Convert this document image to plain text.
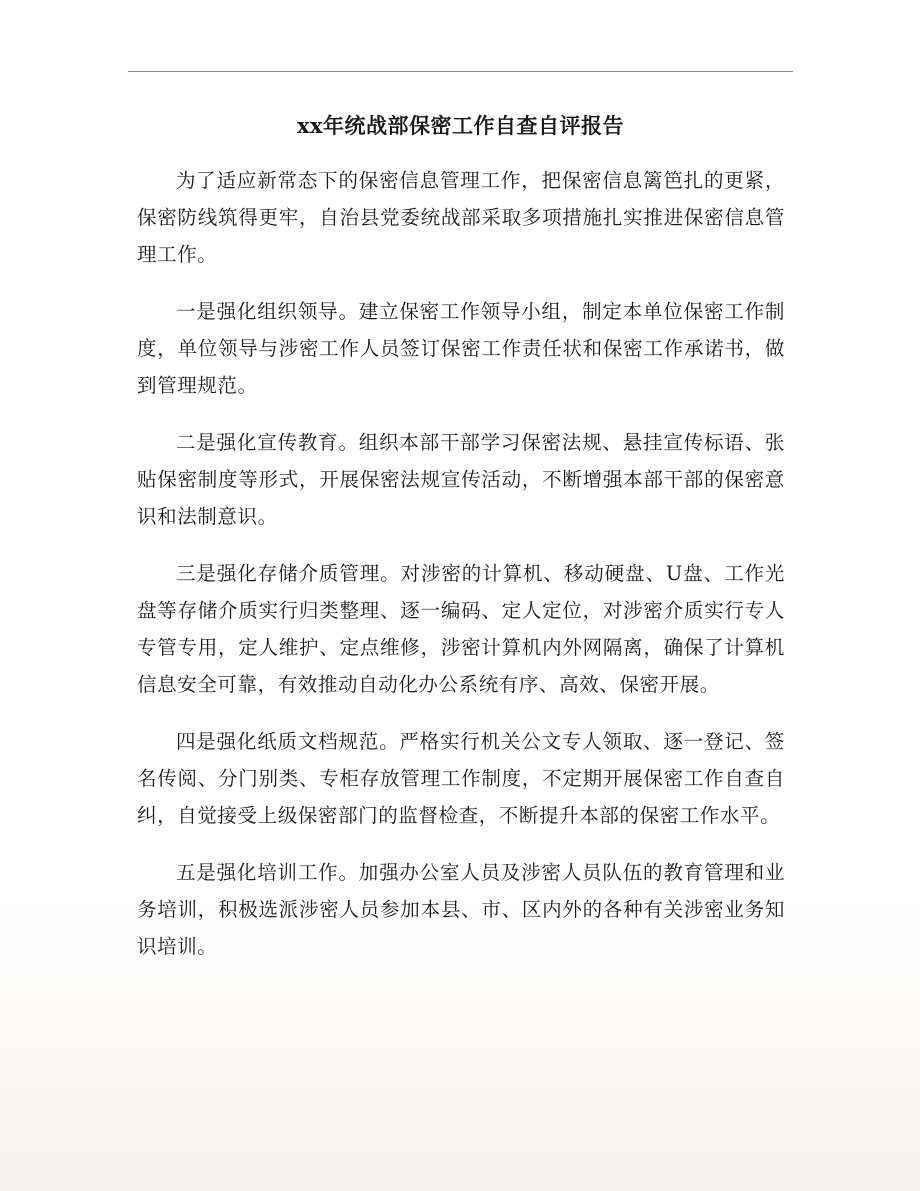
xx年统战部保密工作自查自评报告

为了适应新常态下的保密信息管理工作，把保密信息篱笆扎的更紧，保密防线筑得更牢，自治县党委统战部采取多项措施扎实推进保密信息管理工作。

一是强化组织领导。建立保密工作领导小组，制定本单位保密工作制度，单位领导与涉密工作人员签订保密工作责任状和保密工作承诺书，做到管理规范。

二是强化宣传教育。组织本部干部学习保密法规、悬挂宣传标语、张贴保密制度等形式，开展保密法规宣传活动，不断增强本部干部的保密意识和法制意识。

三是强化存储介质管理。对涉密的计算机、移动硬盘、U盘、工作光盘等存储介质实行归类整理、逐一编码、定人定位，对涉密介质实行专人专管专用，定人维护、定点维修，涉密计算机内外网隔离，确保了计算机信息安全可靠，有效推动自动化办公系统有序、高效、保密开展。

四是强化纸质文档规范。严格实行机关公文专人领取、逐一登记、签名传阅、分门别类、专柜存放管理工作制度，不定期开展保密工作自查自纠，自觉接受上级保密部门的监督检查，不断提升本部的保密工作水平。

五是强化培训工作。加强办公室人员及涉密人员队伍的教育管理和业务培训，积极选派涉密人员参加本县、市、区内外的各种有关涉密业务知识培训。
